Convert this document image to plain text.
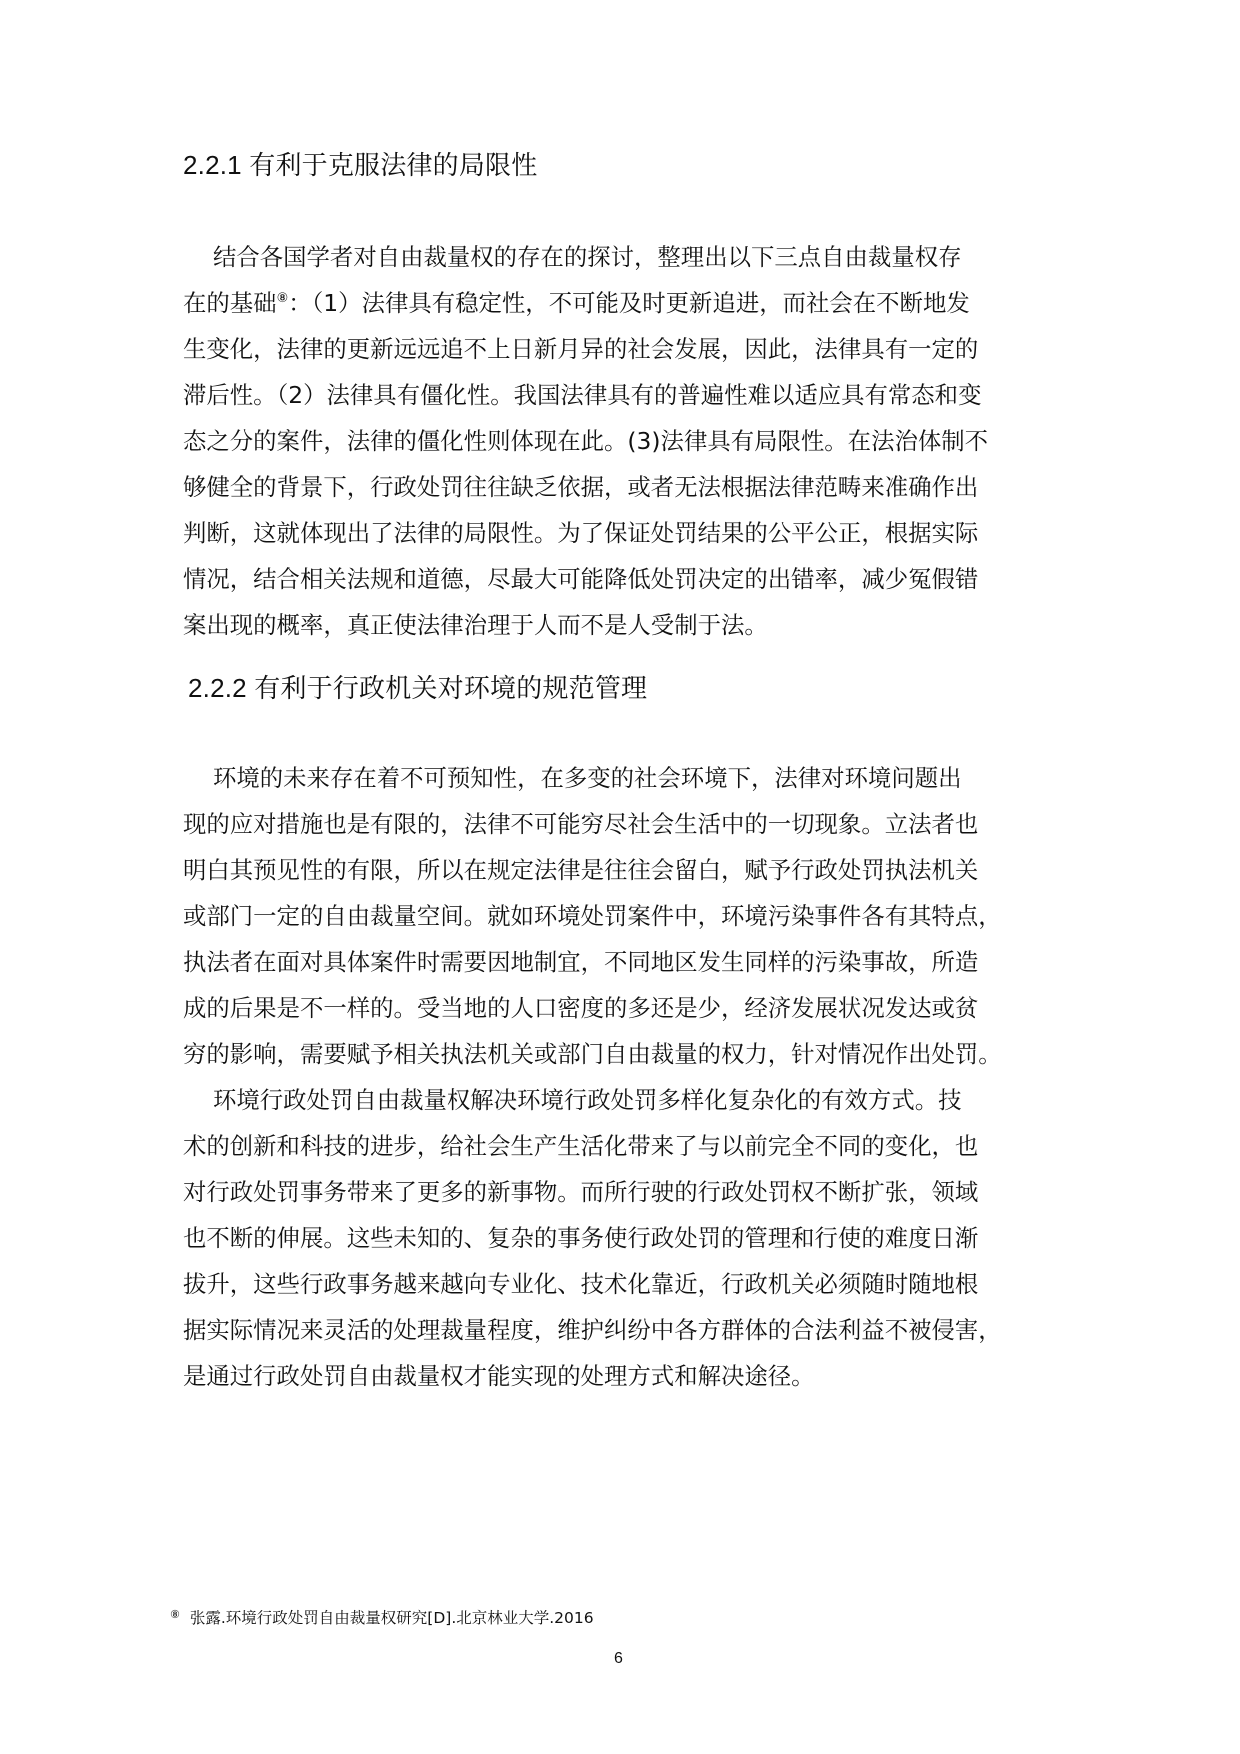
2.2.1 有利于克服法律的局限性
结合各国学者对自由裁量权的存在的探讨，整理出以下三点自由裁量权存
在的基础⑧：（1）法律具有稳定性，不可能及时更新追进，而社会在不断地发
生变化，法律的更新远远追不上日新月异的社会发展，因此，法律具有一定的
滞后性。（2）法律具有僵化性。我国法律具有的普遍性难以适应具有常态和变
态之分的案件，法律的僵化性则体现在此。(3)法律具有局限性。在法治体制不
够健全的背景下，行政处罚往往缺乏依据，或者无法根据法律范畴来准确作出
判断，这就体现出了法律的局限性。为了保证处罚结果的公平公正，根据实际
情况，结合相关法规和道德，尽最大可能降低处罚决定的出错率，减少冤假错
案出现的概率，真正使法律治理于人而不是人受制于法。
2.2.2 有利于行政机关对环境的规范管理
环境的未来存在着不可预知性，在多变的社会环境下，法律对环境问题出
现的应对措施也是有限的，法律不可能穷尽社会生活中的一切现象。立法者也
明白其预见性的有限，所以在规定法律是往往会留白，赋予行政处罚执法机关
或部门一定的自由裁量空间。就如环境处罚案件中，环境污染事件各有其特点，
执法者在面对具体案件时需要因地制宜，不同地区发生同样的污染事故，所造
成的后果是不一样的。受当地的人口密度的多还是少，经济发展状况发达或贫
穷的影响，需要赋予相关执法机关或部门自由裁量的权力，针对情况作出处罚。
环境行政处罚自由裁量权解决环境行政处罚多样化复杂化的有效方式。技
术的创新和科技的进步，给社会生产生活化带来了与以前完全不同的变化，也
对行政处罚事务带来了更多的新事物。而所行驶的行政处罚权不断扩张，领域
也不断的伸展。这些未知的、复杂的事务使行政处罚的管理和行使的难度日渐
拔升，这些行政事务越来越向专业化、技术化靠近，行政机关必须随时随地根
据实际情况来灵活的处理裁量程度，维护纠纷中各方群体的合法利益不被侵害，
是通过行政处罚自由裁量权才能实现的处理方式和解决途径。
⑧ 张露.环境行政处罚自由裁量权研究[D].北京林业大学.2016
6
